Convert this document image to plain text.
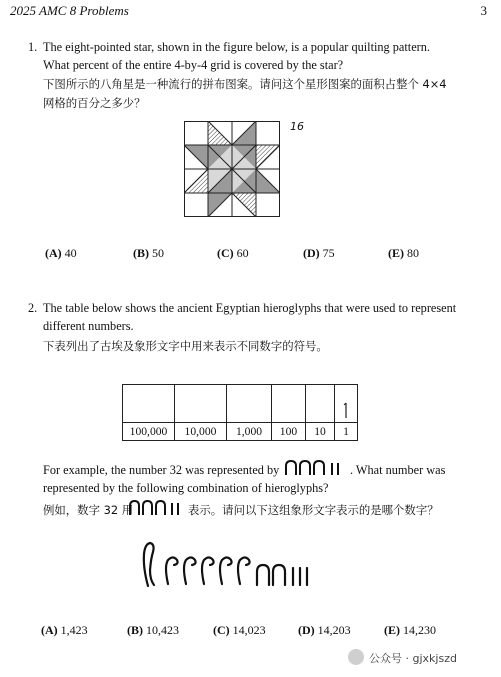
2025 AMC 8 Problems	3
1. The eight-pointed star, shown in the figure below, is a popular quilting pattern.
What percent of the entire 4-by-4 grid is covered by the star?
下图所示的八角星是一种流行的拼布图案。请问这个星形图案的面积占整个 4×4
网格的百分之多少？
16
(A) 40	(B) 50	(C) 60	(D) 75	(E) 80
2. The table below shows the ancient Egyptian hieroglyphs that were used to represent
different numbers.
下表列出了古埃及象形文字中用来表示不同数字的符号。

100,000	10,000	1,000	100	10	1
For example, the number 32 was represented by	. What number was
represented by the following combination of hieroglyphs?
例如，数字 32 用	表示。请问以下这组象形文字表示的是哪个数字？
(A) 1,423	(B) 10,423	(C) 14,023	(D) 14,203	(E) 14,230
公众号 · gjxkjszd
